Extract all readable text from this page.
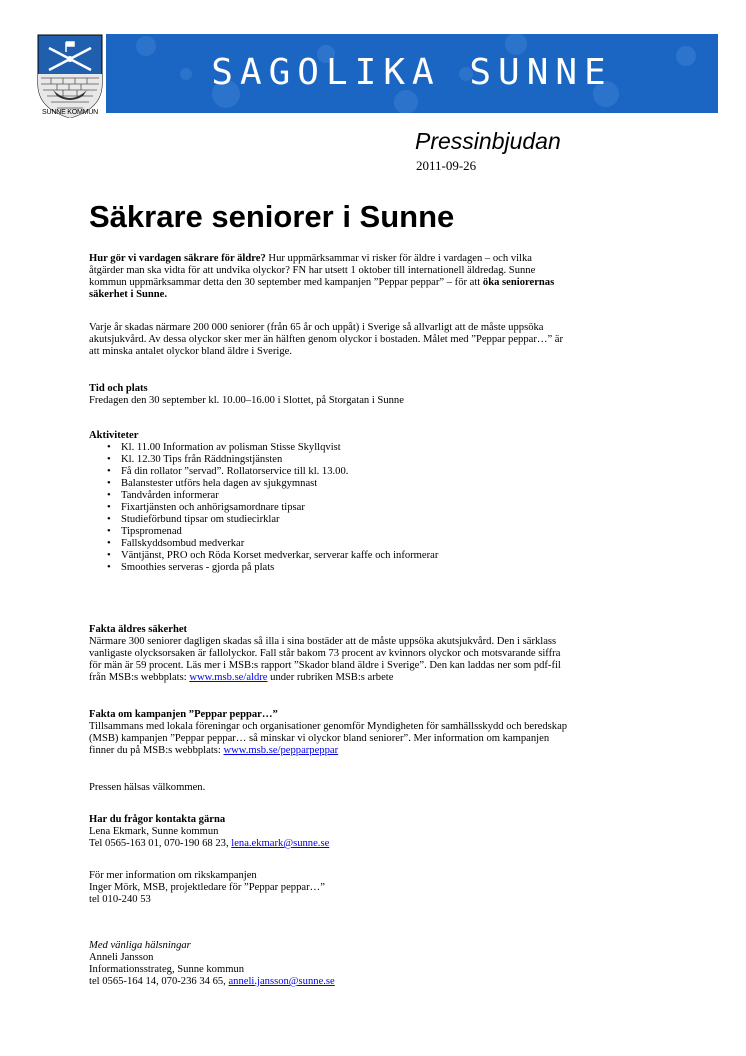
SUNNE KOMMUN
SAGOLIKA SUNNE
Pressinbjudan
2011-09-26
Säkrare seniorer i Sunne

Hur gör vi vardagen säkrare för äldre? Hur uppmärksammar vi risker för äldre i vardagen – och vilka
åtgärder man ska vidta för att undvika olyckor? FN har utsett 1 oktober till internationell äldredag. Sunne
kommun uppmärksammar detta den 30 september med kampanjen ”Peppar peppar” – för att öka seniorernas
säkerhet i Sunne.

Varje år skadas närmare 200 000 seniorer (från 65 år och uppåt) i Sverige så allvarligt att de måste uppsöka
akutsjukvård. Av dessa olyckor sker mer än hälften genom olyckor i bostaden. Målet med ”Peppar peppar…” är
att minska antalet olyckor bland äldre i Sverige.

Tid och plats
Fredagen den 30 september kl. 10.00–16.00 i Slottet, på Storgatan i Sunne

Aktiviteter

• Kl. 11.00 Information av polisman Stisse Skyllqvist
• Kl. 12.30 Tips från Räddningstjänsten
• Få din rollator ”servad”. Rollatorservice till kl. 13.00.
• Balanstester utförs hela dagen av sjukgymnast
• Tandvården informerar
• Fixartjänsten och anhörigsamordnare tipsar
• Studieförbund tipsar om studiecirklar
• Tipspromenad
• Fallskyddsombud medverkar
• Väntjänst, PRO och Röda Korset medverkar, serverar kaffe och informerar
• Smoothies serveras - gjorda på plats

Fakta äldres säkerhet
Närmare 300 seniorer dagligen skadas så illa i sina bostäder att de måste uppsöka akutsjukvård. Den i särklass
vanligaste olycksorsaken är fallolyckor. Fall står bakom 73 procent av kvinnors olyckor och motsvarande siffra
för män är 59 procent. Läs mer i MSB:s rapport ”Skador bland äldre i Sverige”. Den kan laddas ner som pdf-fil
från MSB:s webbplats: www.msb.se/aldre under rubriken MSB:s arbete

Fakta om kampanjen ”Peppar peppar…”
Tillsammans med lokala föreningar och organisationer genomför Myndigheten för samhällsskydd och beredskap
(MSB) kampanjen ”Peppar peppar… så minskar vi olyckor bland seniorer”. Mer information om kampanjen
finner du på MSB:s webbplats: www.msb.se/pepparpeppar

Pressen hälsas välkommen.

Har du frågor kontakta gärna
Lena Ekmark, Sunne kommun
Tel 0565-163 01, 070-190 68 23, lena.ekmark@sunne.se

För mer information om rikskampanjen
Inger Mörk, MSB, projektledare för ”Peppar peppar…”
tel 010-240 53

Med vänliga hälsningar
Anneli Jansson
Informationsstrateg, Sunne kommun
tel 0565-164 14, 070-236 34 65, anneli.jansson@sunne.se
